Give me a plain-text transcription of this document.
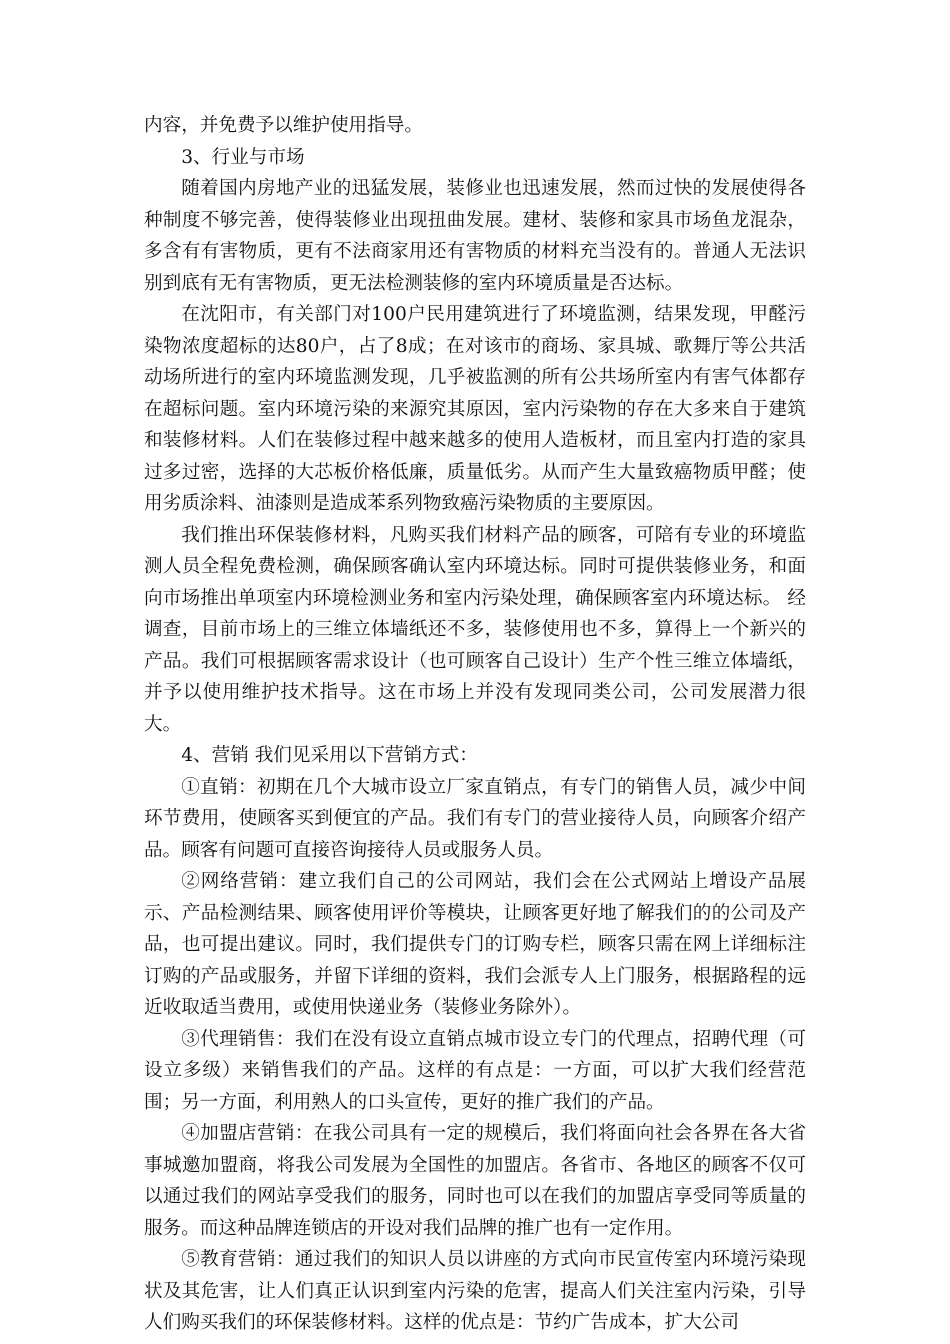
内容，并免费予以维护使用指导。

3、行业与市场

随着国内房地产业的迅猛发展，装修业也迅速发展，然而过快的发展使得各种制度不够完善，使得装修业出现扭曲发展。建材、装修和家具市场鱼龙混杂，多含有有害物质，更有不法商家用还有害物质的材料充当没有的。普通人无法识别到底有无有害物质，更无法检测装修的室内环境质量是否达标。

在沈阳市，有关部门对100户民用建筑进行了环境监测，结果发现，甲醛污染物浓度超标的达80户，占了8成；在对该市的商场、家具城、歌舞厅等公共活动场所进行的室内环境监测发现，几乎被监测的所有公共场所室内有害气体都存在超标问题。室内环境污染的来源究其原因，室内污染物的存在大多来自于建筑和装修材料。人们在装修过程中越来越多的使用人造板材，而且室内打造的家具过多过密，选择的大芯板价格低廉，质量低劣。从而产生大量致癌物质甲醛；使用劣质涂料、油漆则是造成苯系列物致癌污染物质的主要原因。

我们推出环保装修材料，凡购买我们材料产品的顾客，可陪有专业的环境监测人员全程免费检测，确保顾客确认室内环境达标。同时可提供装修业务，和面向市场推出单项室内环境检测业务和室内污染处理，确保顾客室内环境达标。 经调查，目前市场上的三维立体墙纸还不多，装修使用也不多，算得上一个新兴的产品。我们可根据顾客需求设计（也可顾客自己设计）生产个性三维立体墙纸，并予以使用维护技术指导。这在市场上并没有发现同类公司，公司发展潜力很大。

4、营销 我们见采用以下营销方式：

①直销：初期在几个大城市设立厂家直销点，有专门的销售人员，减少中间环节费用，使顾客买到便宜的产品。我们有专门的营业接待人员，向顾客介绍产品。顾客有问题可直接咨询接待人员或服务人员。

②网络营销：建立我们自己的公司网站，我们会在公式网站上增设产品展示、产品检测结果、顾客使用评价等模块，让顾客更好地了解我们的的公司及产品，也可提出建议。同时，我们提供专门的订购专栏，顾客只需在网上详细标注订购的产品或服务，并留下详细的资料，我们会派专人上门服务，根据路程的远近收取适当费用，或使用快递业务（装修业务除外）。

③代理销售：我们在没有设立直销点城市设立专门的代理点，招聘代理（可设立多级）来销售我们的产品。这样的有点是：一方面，可以扩大我们经营范围；另一方面，利用熟人的口头宣传，更好的推广我们的产品。

④加盟店营销：在我公司具有一定的规模后，我们将面向社会各界在各大省事城邀加盟商，将我公司发展为全国性的加盟店。各省市、各地区的顾客不仅可以通过我们的网站享受我们的服务，同时也可以在我们的加盟店享受同等质量的服务。而这种品牌连锁店的开设对我们品牌的推广也有一定作用。

⑤教育营销：通过我们的知识人员以讲座的方式向市民宣传室内环境污染现状及其危害，让人们真正认识到室内污染的危害，提高人们关注室内污染，引导人们购买我们的环保装修材料。这样的优点是：节约广告成本，扩大公司
